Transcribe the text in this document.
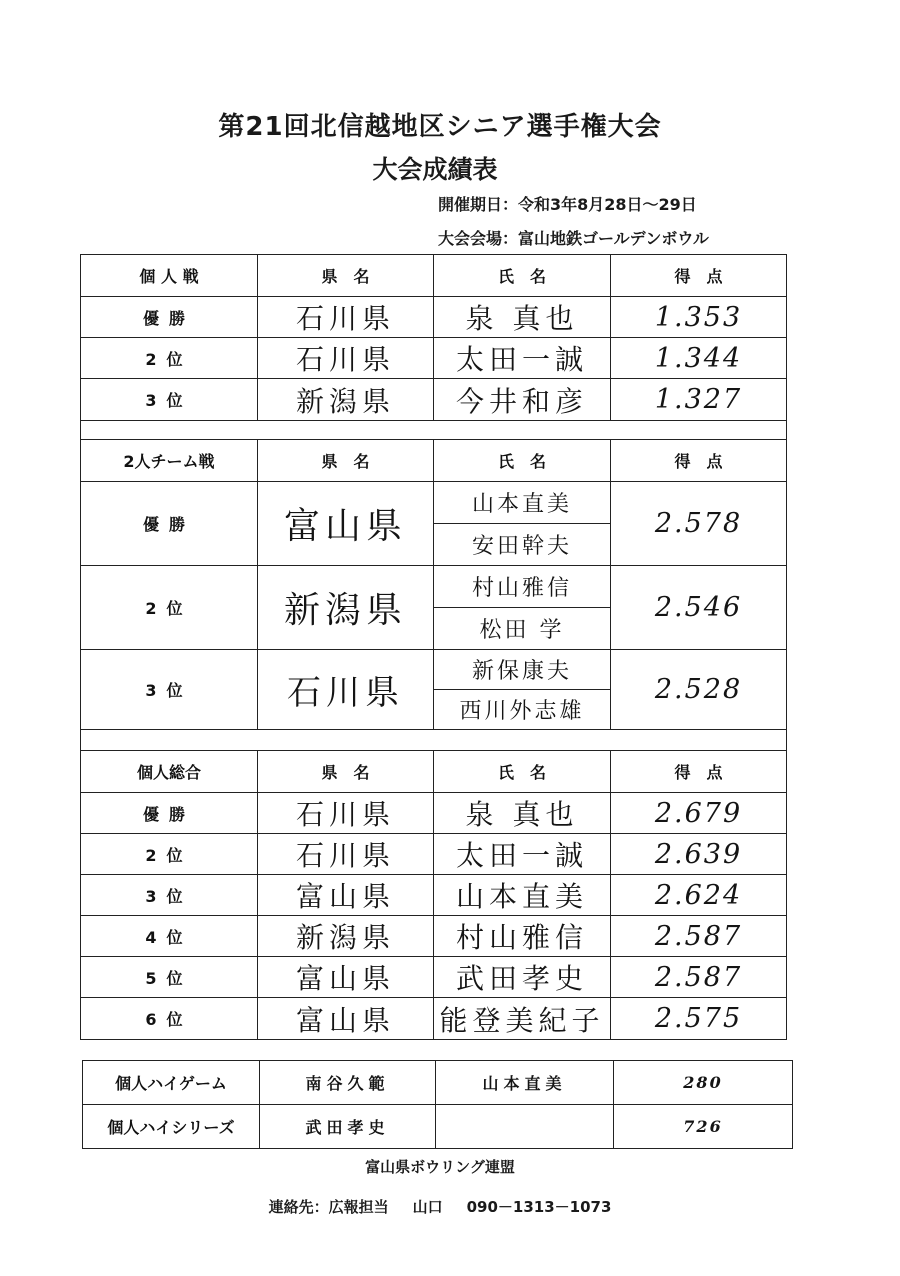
第21回北信越地区シニア選手権大会
大会成績表
開催期日：令和3年8月28日～29日
大会会場：富山地鉄ゴールデンボウル
個 人 戦	県　名	氏　名	得　点
優勝	石川県	泉 真也	1.353
2位	石川県	太田一誠	1.344
3位	新潟県	今井和彦	1.327

2人チーム戦	県　名	氏　名	得　点
優勝	富山県	山本直美	2.578
		安田幹夫	
2位	新潟県	村山雅信	2.546
		松田 学	
3位	石川県	新保康夫	2.528
		西川外志雄	

個人総合	県　名	氏　名	得　点
優勝	石川県	泉 真也	2.679
2位	石川県	太田一誠	2.639
3位	富山県	山本直美	2.624
4位	新潟県	村山雅信	2.587
5位	富山県	武田孝史	2.587
6位	富山県	能登美紀子	2.575
個人ハイゲーム	南谷久範	山本直美	280
個人ハイシリーズ	武田孝史		726
富山県ボウリング連盟
連絡先：広報担当 山口 090－1313－1073
